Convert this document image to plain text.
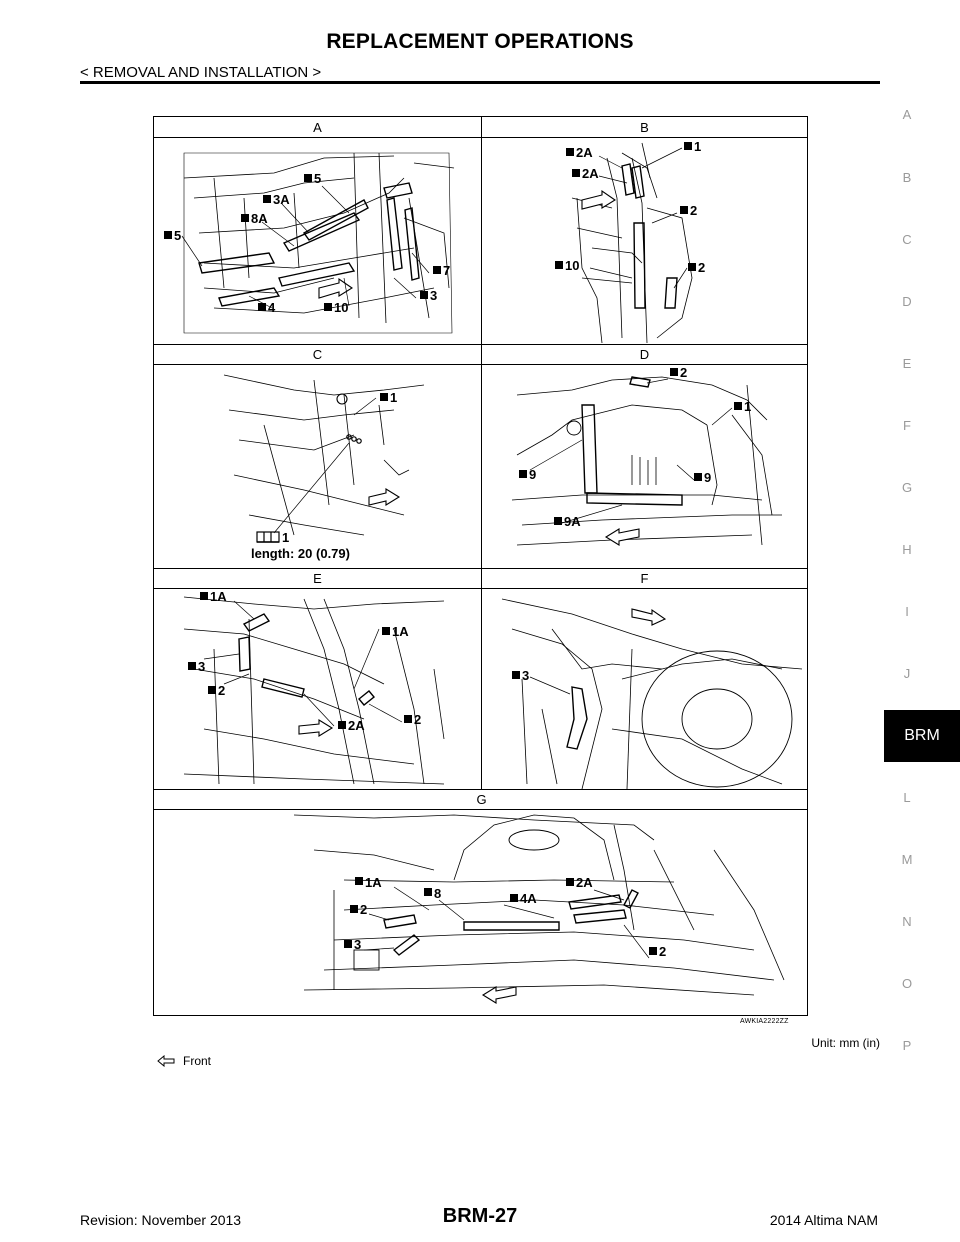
REPLACEMENT OPERATIONS
< REMOVAL AND INSTALLATION >
A
B
C
D
E
F
G
H
I
J
BRM
L
M
N
O
P
A	B
C	D
E	F
G
5
3A
8A
5
7
3
10
4
2A	1
2A
2
10	2
1
1
length: 20 (0.79)
2
1
9	9
9A
1A
1A
3
2
2A	2
3
1A
8	4A
2A
2
3	2
AWKIA2222ZZ
Unit: mm (in)
Front
Revision: November 2013	BRM-27	2014 Altima NAM
